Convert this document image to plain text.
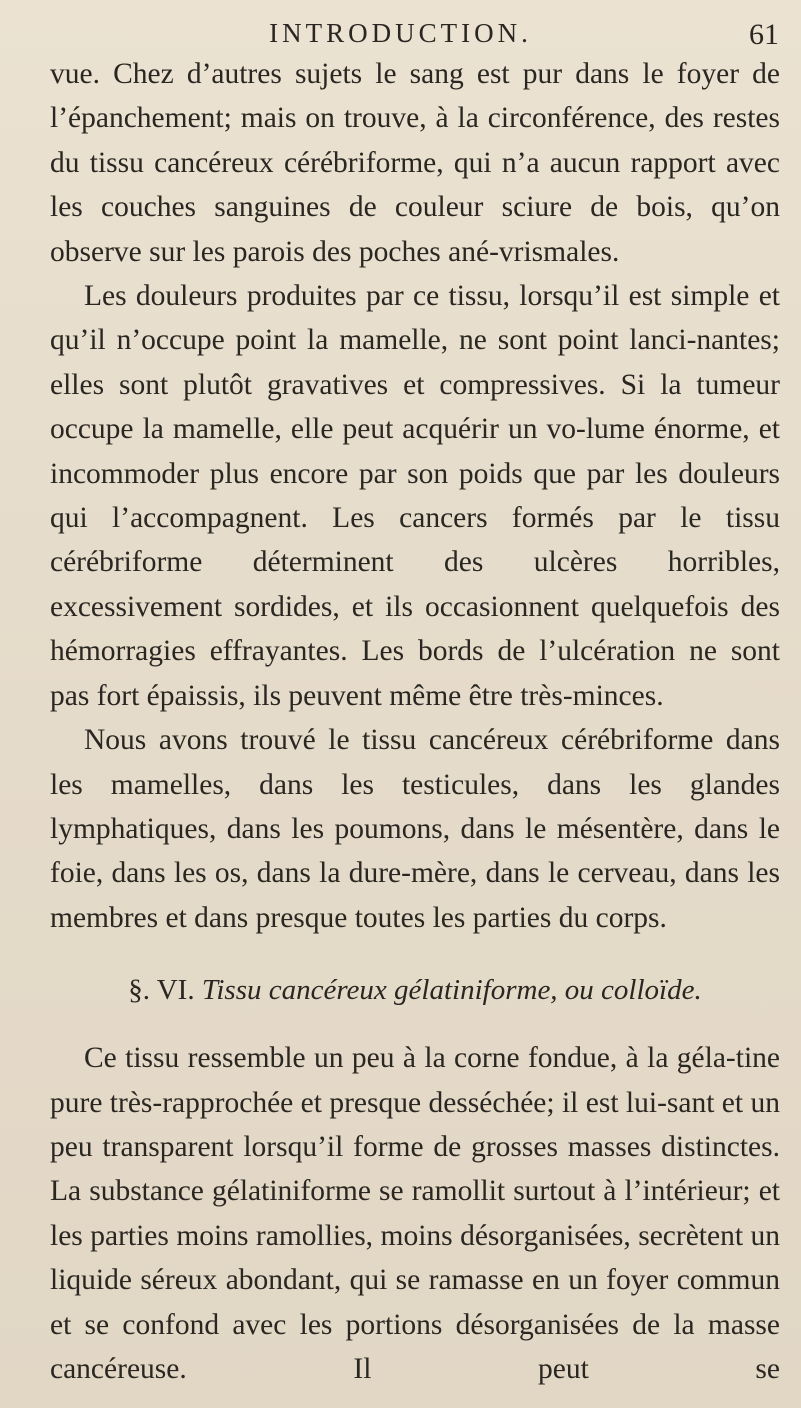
INTRODUCTION.	61

vue. Chez d’autres sujets le sang est pur dans le foyer de l’épanchement; mais on trouve, à la circonférence, des restes du tissu cancéreux cérébriforme, qui n’a aucun rapport avec les couches sanguines de couleur sciure de bois, qu’on observe sur les parois des poches ané-vrismales.

Les douleurs produites par ce tissu, lorsqu’il est simple et qu’il n’occupe point la mamelle, ne sont point lanci-nantes; elles sont plutôt gravatives et compressives. Si la tumeur occupe la mamelle, elle peut acquérir un vo-lume énorme, et incommoder plus encore par son poids que par les douleurs qui l’accompagnent. Les cancers formés par le tissu cérébriforme déterminent des ulcères horribles, excessivement sordides, et ils occasionnent quelquefois des hémorragies effrayantes. Les bords de l’ulcération ne sont pas fort épaissis, ils peuvent même être très-minces.

Nous avons trouvé le tissu cancéreux cérébriforme dans les mamelles, dans les testicules, dans les glandes lymphatiques, dans les poumons, dans le mésentère, dans le foie, dans les os, dans la dure-mère, dans le cerveau, dans les membres et dans presque toutes les parties du corps.

§. VI. Tissu cancéreux gélatiniforme, ou colloïde.

Ce tissu ressemble un peu à la corne fondue, à la géla-tine pure très-rapprochée et presque desséchée; il est lui-sant et un peu transparent lorsqu’il forme de grosses masses distinctes. La substance gélatiniforme se ramollit surtout à l’intérieur; et les parties moins ramollies, moins désorganisées, secrètent un liquide séreux abondant, qui se ramasse en un foyer commun et se confond avec les portions désorganisées de la masse cancéreuse. Il peut se
